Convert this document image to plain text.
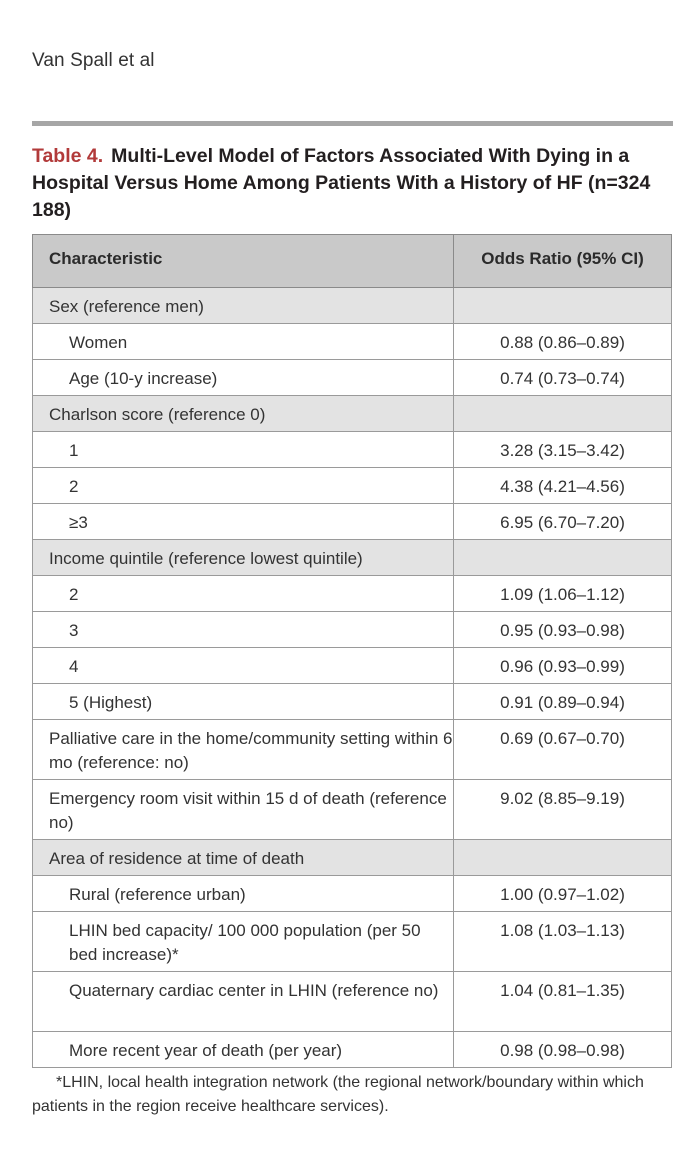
Van Spall et al
Table 4. Multi-Level Model of Factors Associated With Dying in a Hospital Versus Home Among Patients With a History of HF (n=324 188)
Characteristic	Odds Ratio (95% CI)
Sex (reference men)	
Women	0.88 (0.86–0.89)
Age (10-y increase)	0.74 (0.73–0.74)
Charlson score (reference 0)	
1	3.28 (3.15–3.42)
2	4.38 (4.21–4.56)
≥3	6.95 (6.70–7.20)
Income quintile (reference lowest quintile)	
2	1.09 (1.06–1.12)
3	0.95 (0.93–0.98)
4	0.96 (0.93–0.99)
5 (Highest)	0.91 (0.89–0.94)
Palliative care in the home/community setting within 6 mo (reference: no)	0.69 (0.67–0.70)
Emergency room visit within 15 d of death (reference no)	9.02 (8.85–9.19)
Area of residence at time of death	
Rural (reference urban)	1.00 (0.97–1.02)
LHIN bed capacity/ 100 000 population (per 50 bed increase)*	1.08 (1.03–1.13)
Quaternary cardiac center in LHIN (reference no)	1.04 (0.81–1.35)
More recent year of death (per year)	0.98 (0.98–0.98)
*LHIN, local health integration network (the regional network/boundary within which patients in the region receive healthcare services).
